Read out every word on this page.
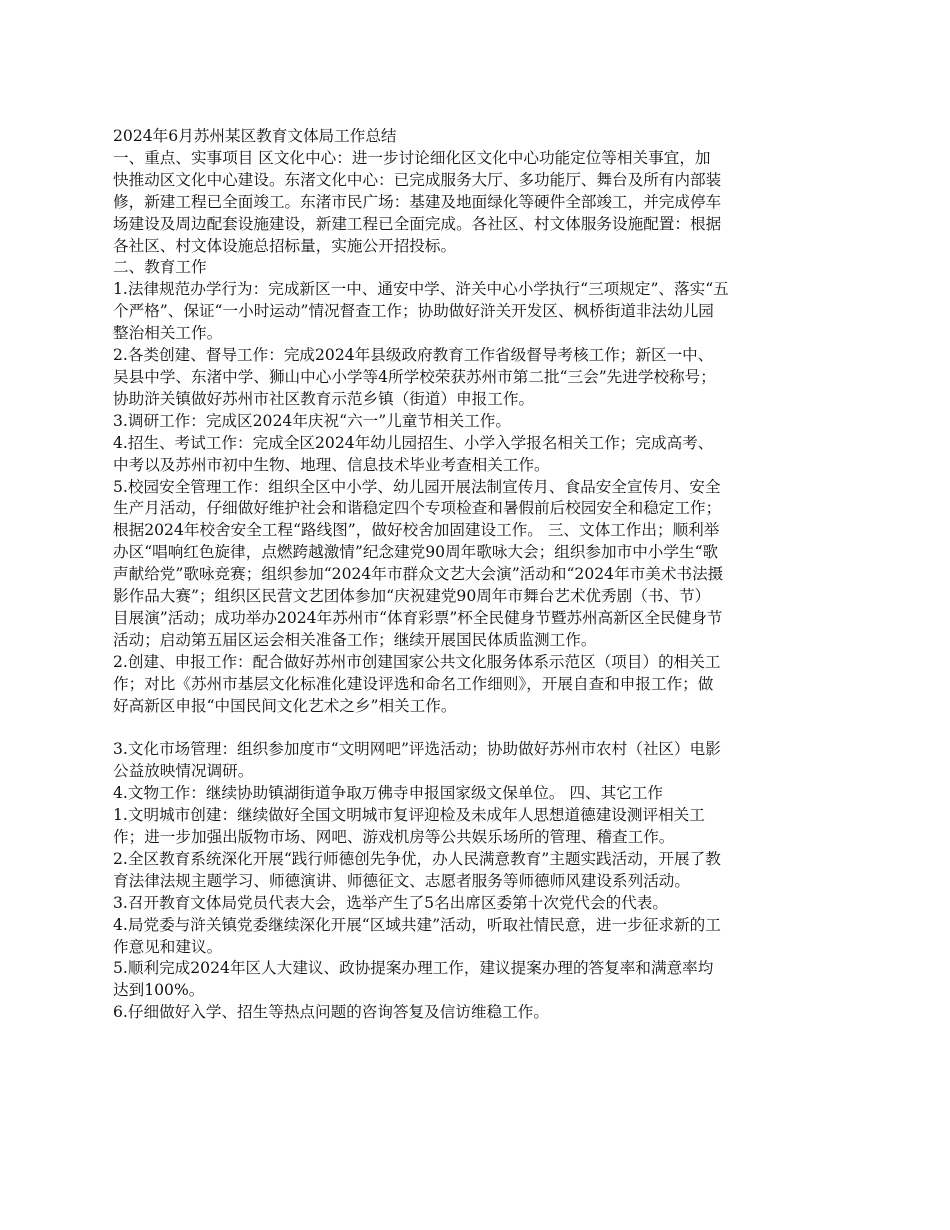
2024年6月苏州某区教育文体局工作总结
一、重点、实事项目 区文化中心：进一步讨论细化区文化中心功能定位等相关事宜，加
快推动区文化中心建设。东渚文化中心：已完成服务大厅、多功能厅、舞台及所有内部装
修，新建工程已全面竣工。东渚市民广场：基建及地面绿化等硬件全部竣工，并完成停车
场建设及周边配套设施建设，新建工程已全面完成。各社区、村文体服务设施配置：根据
各社区、村文体设施总招标量，实施公开招投标。
二、教育工作
1.法律规范办学行为：完成新区一中、通安中学、浒关中心小学执行“三项规定”、落实“五
个严格”、保证“一小时运动”情况督查工作；协助做好浒关开发区、枫桥街道非法幼儿园
整治相关工作。
2.各类创建、督导工作：完成2024年县级政府教育工作省级督导考核工作；新区一中、
吴县中学、东渚中学、狮山中心小学等4所学校荣获苏州市第二批“三会”先进学校称号；
协助浒关镇做好苏州市社区教育示范乡镇（街道）申报工作。
3.调研工作：完成区2024年庆祝“六一”儿童节相关工作。
4.招生、考试工作：完成全区2024年幼儿园招生、小学入学报名相关工作；完成高考、
中考以及苏州市初中生物、地理、信息技术毕业考查相关工作。
5.校园安全管理工作：组织全区中小学、幼儿园开展法制宣传月、食品安全宣传月、安全
生产月活动，仔细做好维护社会和谐稳定四个专项检查和暑假前后校园安全和稳定工作；
根据2024年校舍安全工程“路线图”，做好校舍加固建设工作。 三、文体工作出；顺利举
办区“唱响红色旋律，点燃跨越激情”纪念建党90周年歌咏大会；组织参加市中小学生“歌
声献给党”歌咏竞赛；组织参加“2024年市群众文艺大会演”活动和“2024年市美术书法摄
影作品大赛”；组织区民营文艺团体参加“庆祝建党90周年市舞台艺术优秀剧（书、节）
目展演”活动；成功举办2024年苏州市“体育彩票”杯全民健身节暨苏州高新区全民健身节
活动；启动第五届区运会相关准备工作；继续开展国民体质监测工作。
2.创建、申报工作：配合做好苏州市创建国家公共文化服务体系示范区（项目）的相关工
作；对比《苏州市基层文化标准化建设评选和命名工作细则》，开展自查和申报工作；做
好高新区申报“中国民间文化艺术之乡”相关工作。
3.文化市场管理：组织参加度市“文明网吧”评选活动；协助做好苏州市农村（社区）电影
公益放映情况调研。
4.文物工作：继续协助镇湖街道争取万佛寺申报国家级文保单位。 四、其它工作
1.文明城市创建：继续做好全国文明城市复评迎检及未成年人思想道德建设测评相关工
作；进一步加强出版物市场、网吧、游戏机房等公共娱乐场所的管理、稽查工作。
2.全区教育系统深化开展“践行师德创先争优，办人民满意教育”主题实践活动，开展了教
育法律法规主题学习、师德演讲、师德征文、志愿者服务等师德师风建设系列活动。
3.召开教育文体局党员代表大会，选举产生了5名出席区委第十次党代会的代表。
4.局党委与浒关镇党委继续深化开展“区域共建”活动，听取社情民意，进一步征求新的工
作意见和建议。
5.顺利完成2024年区人大建议、政协提案办理工作，建议提案办理的答复率和满意率均
达到100%。
6.仔细做好入学、招生等热点问题的咨询答复及信访维稳工作。
